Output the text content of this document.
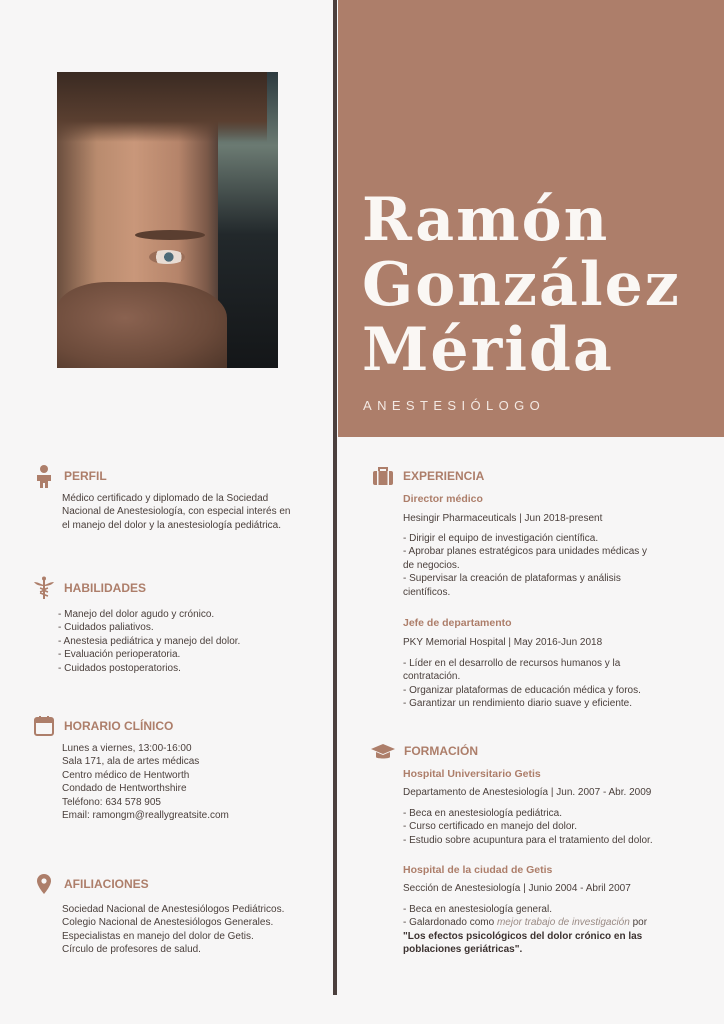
Ramón
González
Mérida
ANESTESIÓLOGO
PERFIL
Médico certificado y diplomado de la Sociedad
Nacional de Anestesiología, con especial interés en
el manejo del dolor y la anestesiología pediátrica.
HABILIDADES
- Manejo del dolor agudo y crónico.
- Cuidados paliativos.
- Anestesia pediátrica y manejo del dolor.
- Evaluación perioperatoria.
- Cuidados postoperatorios.
HORARIO CLÍNICO
Lunes a viernes, 13:00-16:00
Sala 171, ala de artes médicas
Centro médico de Hentworth
Condado de Hentworthshire
Teléfono: 634 578 905
Email: ramongm@reallygreatsite.com
AFILIACIONES
Sociedad Nacional de Anestesiólogos Pediátricos.
Colegio Nacional de Anestesiólogos Generales.
Especialistas en manejo del dolor de Getis.
Círculo de profesores de salud.
EXPERIENCIA
Director médico
Hesingir Pharmaceuticals | Jun 2018-present
- Dirigir el equipo de investigación científica.
- Aprobar planes estratégicos para unidades médicas y
de negocios.
- Supervisar la creación de plataformas y análisis
científicos.
Jefe de departamento
PKY Memorial Hospital | May 2016-Jun 2018
- Líder en el desarrollo de recursos humanos y la
contratación.
- Organizar plataformas de educación médica y foros.
- Garantizar un rendimiento diario suave y eficiente.
FORMACIÓN
Hospital Universitario Getis
Departamento de Anestesiología | Jun. 2007 - Abr. 2009
- Beca en anestesiología pediátrica.
- Curso certificado en manejo del dolor.
- Estudio sobre acupuntura para el tratamiento del dolor.
Hospital de la ciudad de Getis
Sección de Anestesiología | Junio 2004 - Abril 2007
- Beca en anestesiología general.
- Galardonado como mejor trabajo de investigación por
"Los efectos psicológicos del dolor crónico en las
poblaciones geriátricas".
